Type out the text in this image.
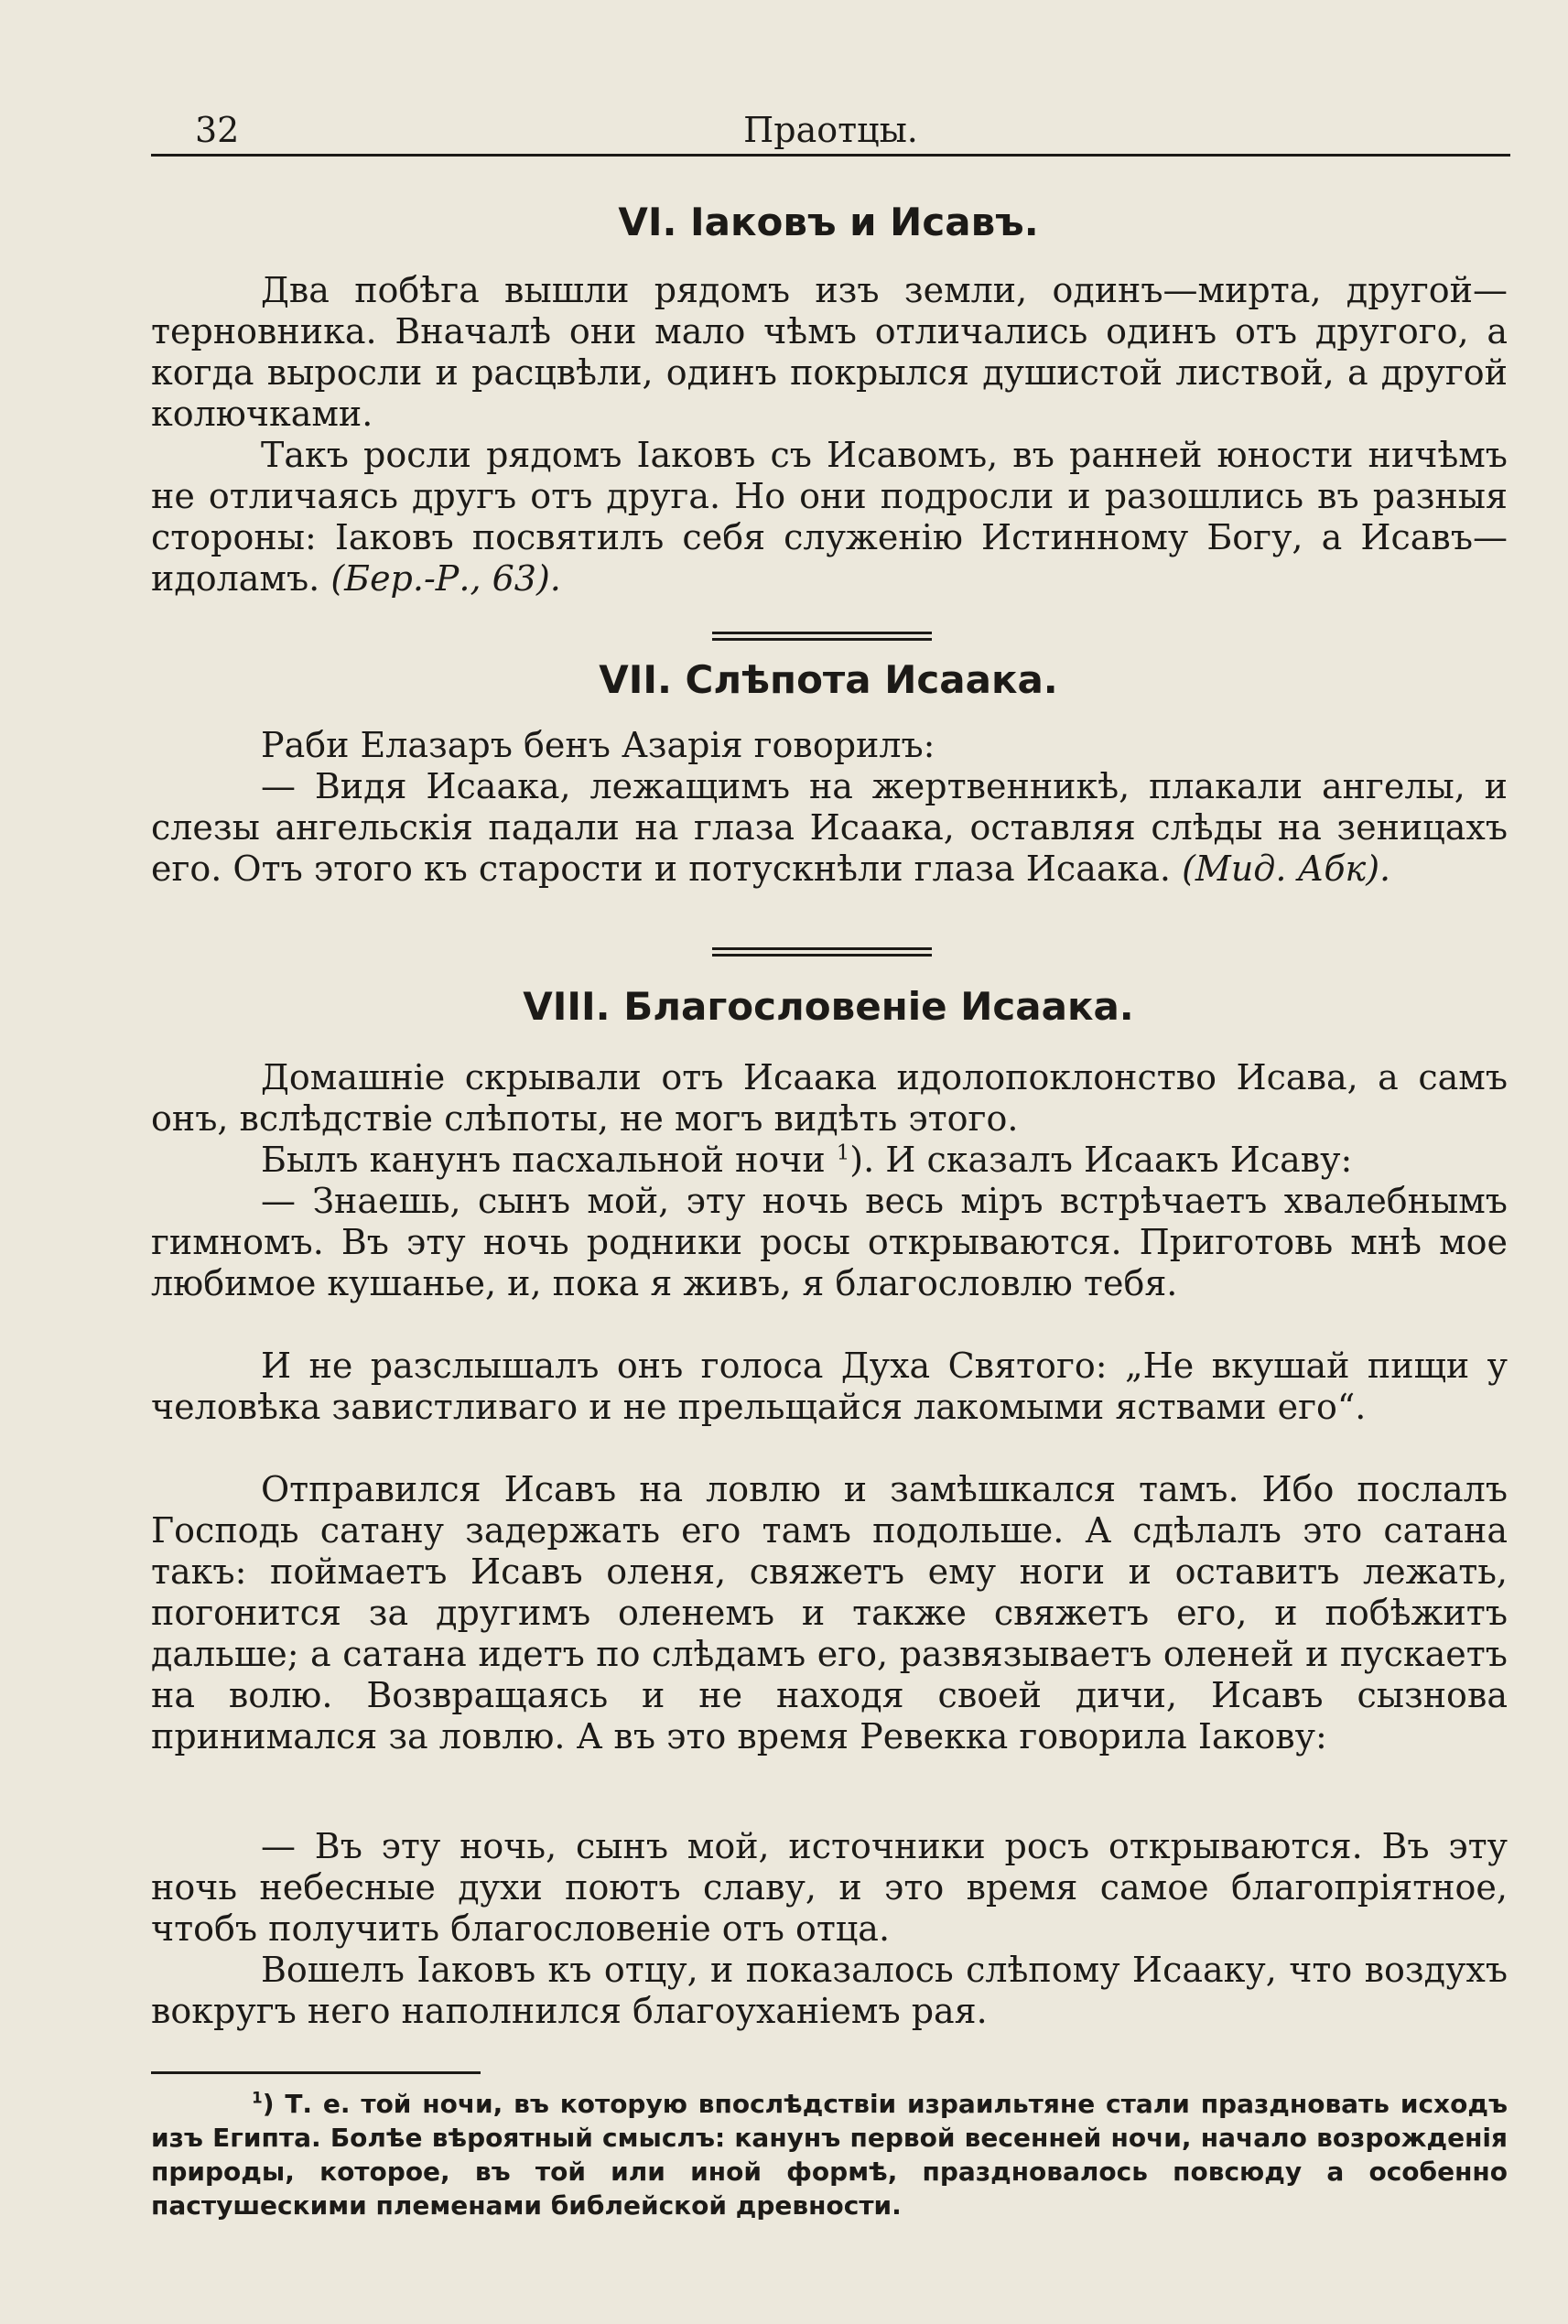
32	Праотцы.
VI. Іаковъ и Исавъ.

Два побѣга вышли рядомъ изъ земли, одинъ—мирта, другой—терновника. Вначалѣ они мало чѣмъ отличались одинъ отъ другого, а когда выросли и расцвѣли, одинъ покрылся душистой листвой, а другой колючками.

Такъ росли рядомъ Іаковъ съ Исавомъ, въ ранней юности ничѣмъ не отличаясь другъ отъ друга. Но они подросли и разошлись въ разныя стороны: Іаковъ посвятилъ себя служенію Истинному Богу, а Исавъ—идоламъ. (Бер.-Р., 63).

VII. Слѣпота Исаака.

Раби Елазаръ бенъ Азарія говорилъ:

— Видя Исаака, лежащимъ на жертвенникѣ, плакали ангелы, и слезы ангельскія падали на глаза Исаака, оставляя слѣды на зеницахъ его. Отъ этого къ старости и потускнѣли глаза Исаака. (Мид. Абк).

VIII. Благословеніе Исаака.

Домашніе скрывали отъ Исаака идолопоклонство Исава, а самъ онъ, вслѣдствіе слѣпоты, не могъ видѣть этого.

Былъ канунъ пасхальной ночи $^1$). И сказалъ Исаакъ Исаву:

— Знаешь, сынъ мой, эту ночь весь міръ встрѣчаетъ хвалебнымъ гимномъ. Въ эту ночь родники росы открываются. Приготовь мнѣ мое любимое кушанье, и, пока я живъ, я благословлю тебя.

И не разслышалъ онъ голоса Духа Святого: „Не вкушай пищи у человѣка завистливаго и не прельщайся лакомыми яствами его“.

Отправился Исавъ на ловлю и замѣшкался тамъ. Ибо послалъ Господь сатану задержать его тамъ подольше. А сдѣлалъ это сатана такъ: поймаетъ Исавъ оленя, свяжетъ ему ноги и оставитъ лежать, погонится за другимъ оленемъ и также свяжетъ его, и побѣжитъ дальше; а сатана идетъ по слѣдамъ его, развязываетъ оленей и пускаетъ на волю. Возвращаясь и не находя своей дичи, Исавъ сызнова принимался за ловлю. А въ это время Ревекка говорила Іакову:

— Въ эту ночь, сынъ мой, источники росъ открываются. Въ эту ночь небесные духи поютъ славу, и это время самое благопріятное, чтобъ получить благословеніе отъ отца.

Вошелъ Іаковъ къ отцу, и показалось слѣпому Исааку, что воздухъ вокругъ него наполнился благоуханіемъ рая.

$^1$) Т. е. той ночи, въ которую впослѣдствіи израильтяне стали праздновать исходъ изъ Египта. Болѣе вѣроятный смыслъ: канунъ первой весенней ночи, начало возрожденія природы, которое, въ той или иной формѣ, праздновалось повсюду а особенно пастушескими племенами библейской древности.
